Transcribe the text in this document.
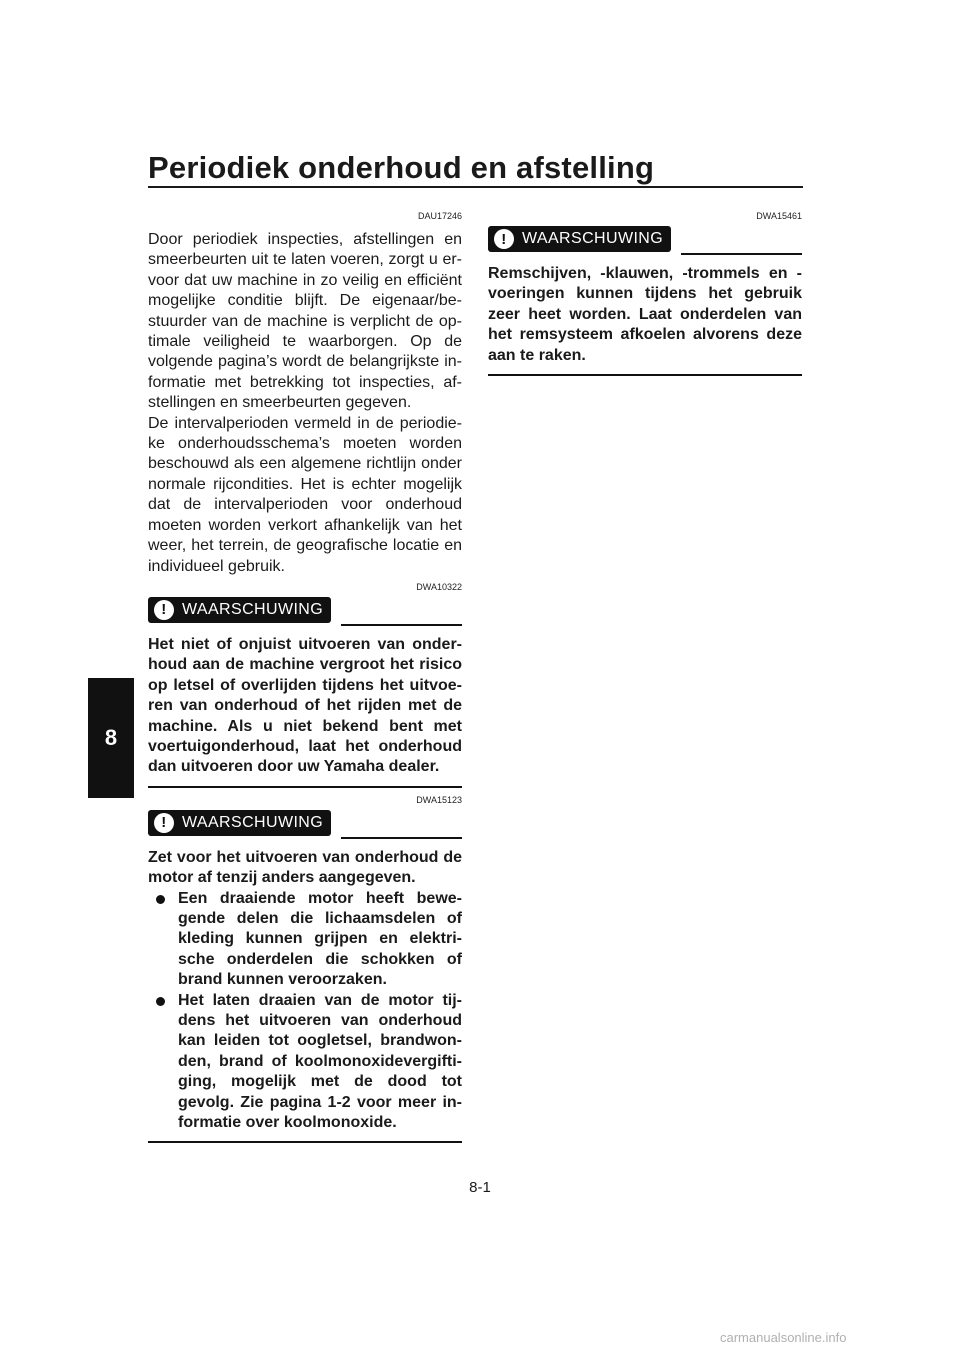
Periodiek onderhoud en afstelling
8

DAU17246

Door periodiek inspecties, afstellingen en smeerbeurten uit te laten voeren, zorgt u er-voor dat uw machine in zo veilig en efficiënt mogelijke conditie blijft. De eigenaar/be-stuurder van de machine is verplicht de op-timale veiligheid te waarborgen. Op de volgende pagina’s wordt de belangrijkste in-formatie met betrekking tot inspecties, af-stellingen en smeerbeurten gegeven.

De intervalperioden vermeld in de periodie-ke onderhoudsschema’s moeten worden beschouwd als een algemene richtlijn onder normale rijcondities. Het is echter mogelijk dat de intervalperioden voor onderhoud moeten worden verkort afhankelijk van het weer, het terrein, de geografische locatie en individueel gebruik.

DWA10322

! WAARSCHUWING

Het niet of onjuist uitvoeren van onder-houd aan de machine vergroot het risico op letsel of overlijden tijdens het uitvoe-ren van onderhoud of het rijden met de machine. Als u niet bekend bent met voertuigonderhoud, laat het onderhoud dan uitvoeren door uw Yamaha dealer.

DWA15123

! WAARSCHUWING

Zet voor het uitvoeren van onderhoud de motor af tenzij anders aangegeven.

Een draaiende motor heeft bewe-gende delen die lichaamsdelen of kleding kunnen grijpen en elektri-sche onderdelen die schokken of brand kunnen veroorzaken.
Het laten draaien van de motor tij-dens het uitvoeren van onderhoud kan leiden tot oogletsel, brandwon-den, brand of koolmonoxidevergifti-ging, mogelijk met de dood tot gevolg. Zie pagina 1-2 voor meer in-formatie over koolmonoxide.

DWA15461

! WAARSCHUWING

Remschijven, -klauwen, -trommels en -voeringen kunnen tijdens het gebruik zeer heet worden. Laat onderdelen van het remsysteem afkoelen alvorens deze aan te raken.

8-1

carmanualsonline.info
